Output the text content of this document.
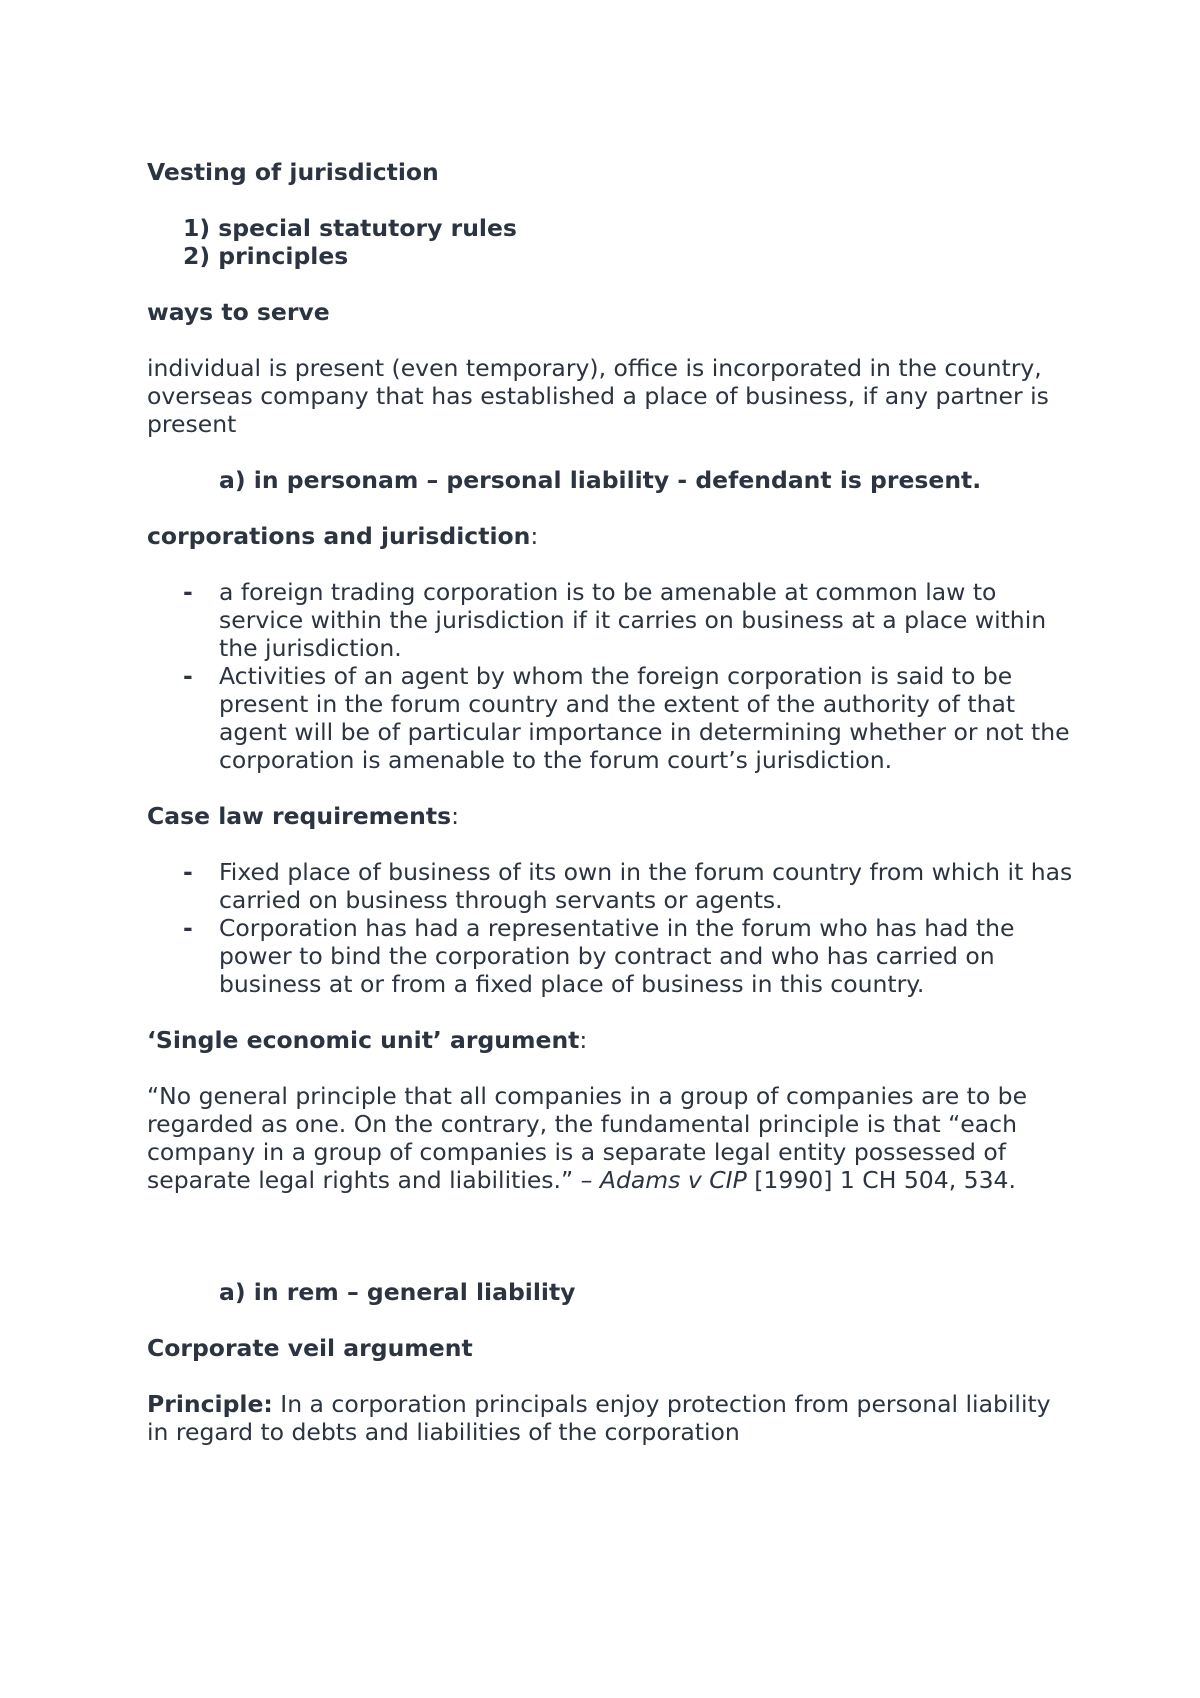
Vesting of jurisdiction

1) special statutory rules
2) principles

ways to serve

individual is present (even temporary), office is incorporated in the country, overseas company that has established a place of business, if any partner is present

a) in personam – personal liability - defendant is present.

corporations and jurisdiction:

- a foreign trading corporation is to be amenable at common law to service within the jurisdiction if it carries on business at a place within the jurisdiction.
- Activities of an agent by whom the foreign corporation is said to be present in the forum country and the extent of the authority of that agent will be of particular importance in determining whether or not the corporation is amenable to the forum court’s jurisdiction.

Case law requirements:

- Fixed place of business of its own in the forum country from which it has carried on business through servants or agents.
- Corporation has had a representative in the forum who has had the power to bind the corporation by contract and who has carried on business at or from a fixed place of business in this country.

‘Single economic unit’ argument:

“No general principle that all companies in a group of companies are to be regarded as one. On the contrary, the fundamental principle is that “each company in a group of companies is a separate legal entity possessed of separate legal rights and liabilities.” – Adams v CIP [1990] 1 CH 504, 534.

a) in rem – general liability

Corporate veil argument

Principle: In a corporation principals enjoy protection from personal liability in regard to debts and liabilities of the corporation
